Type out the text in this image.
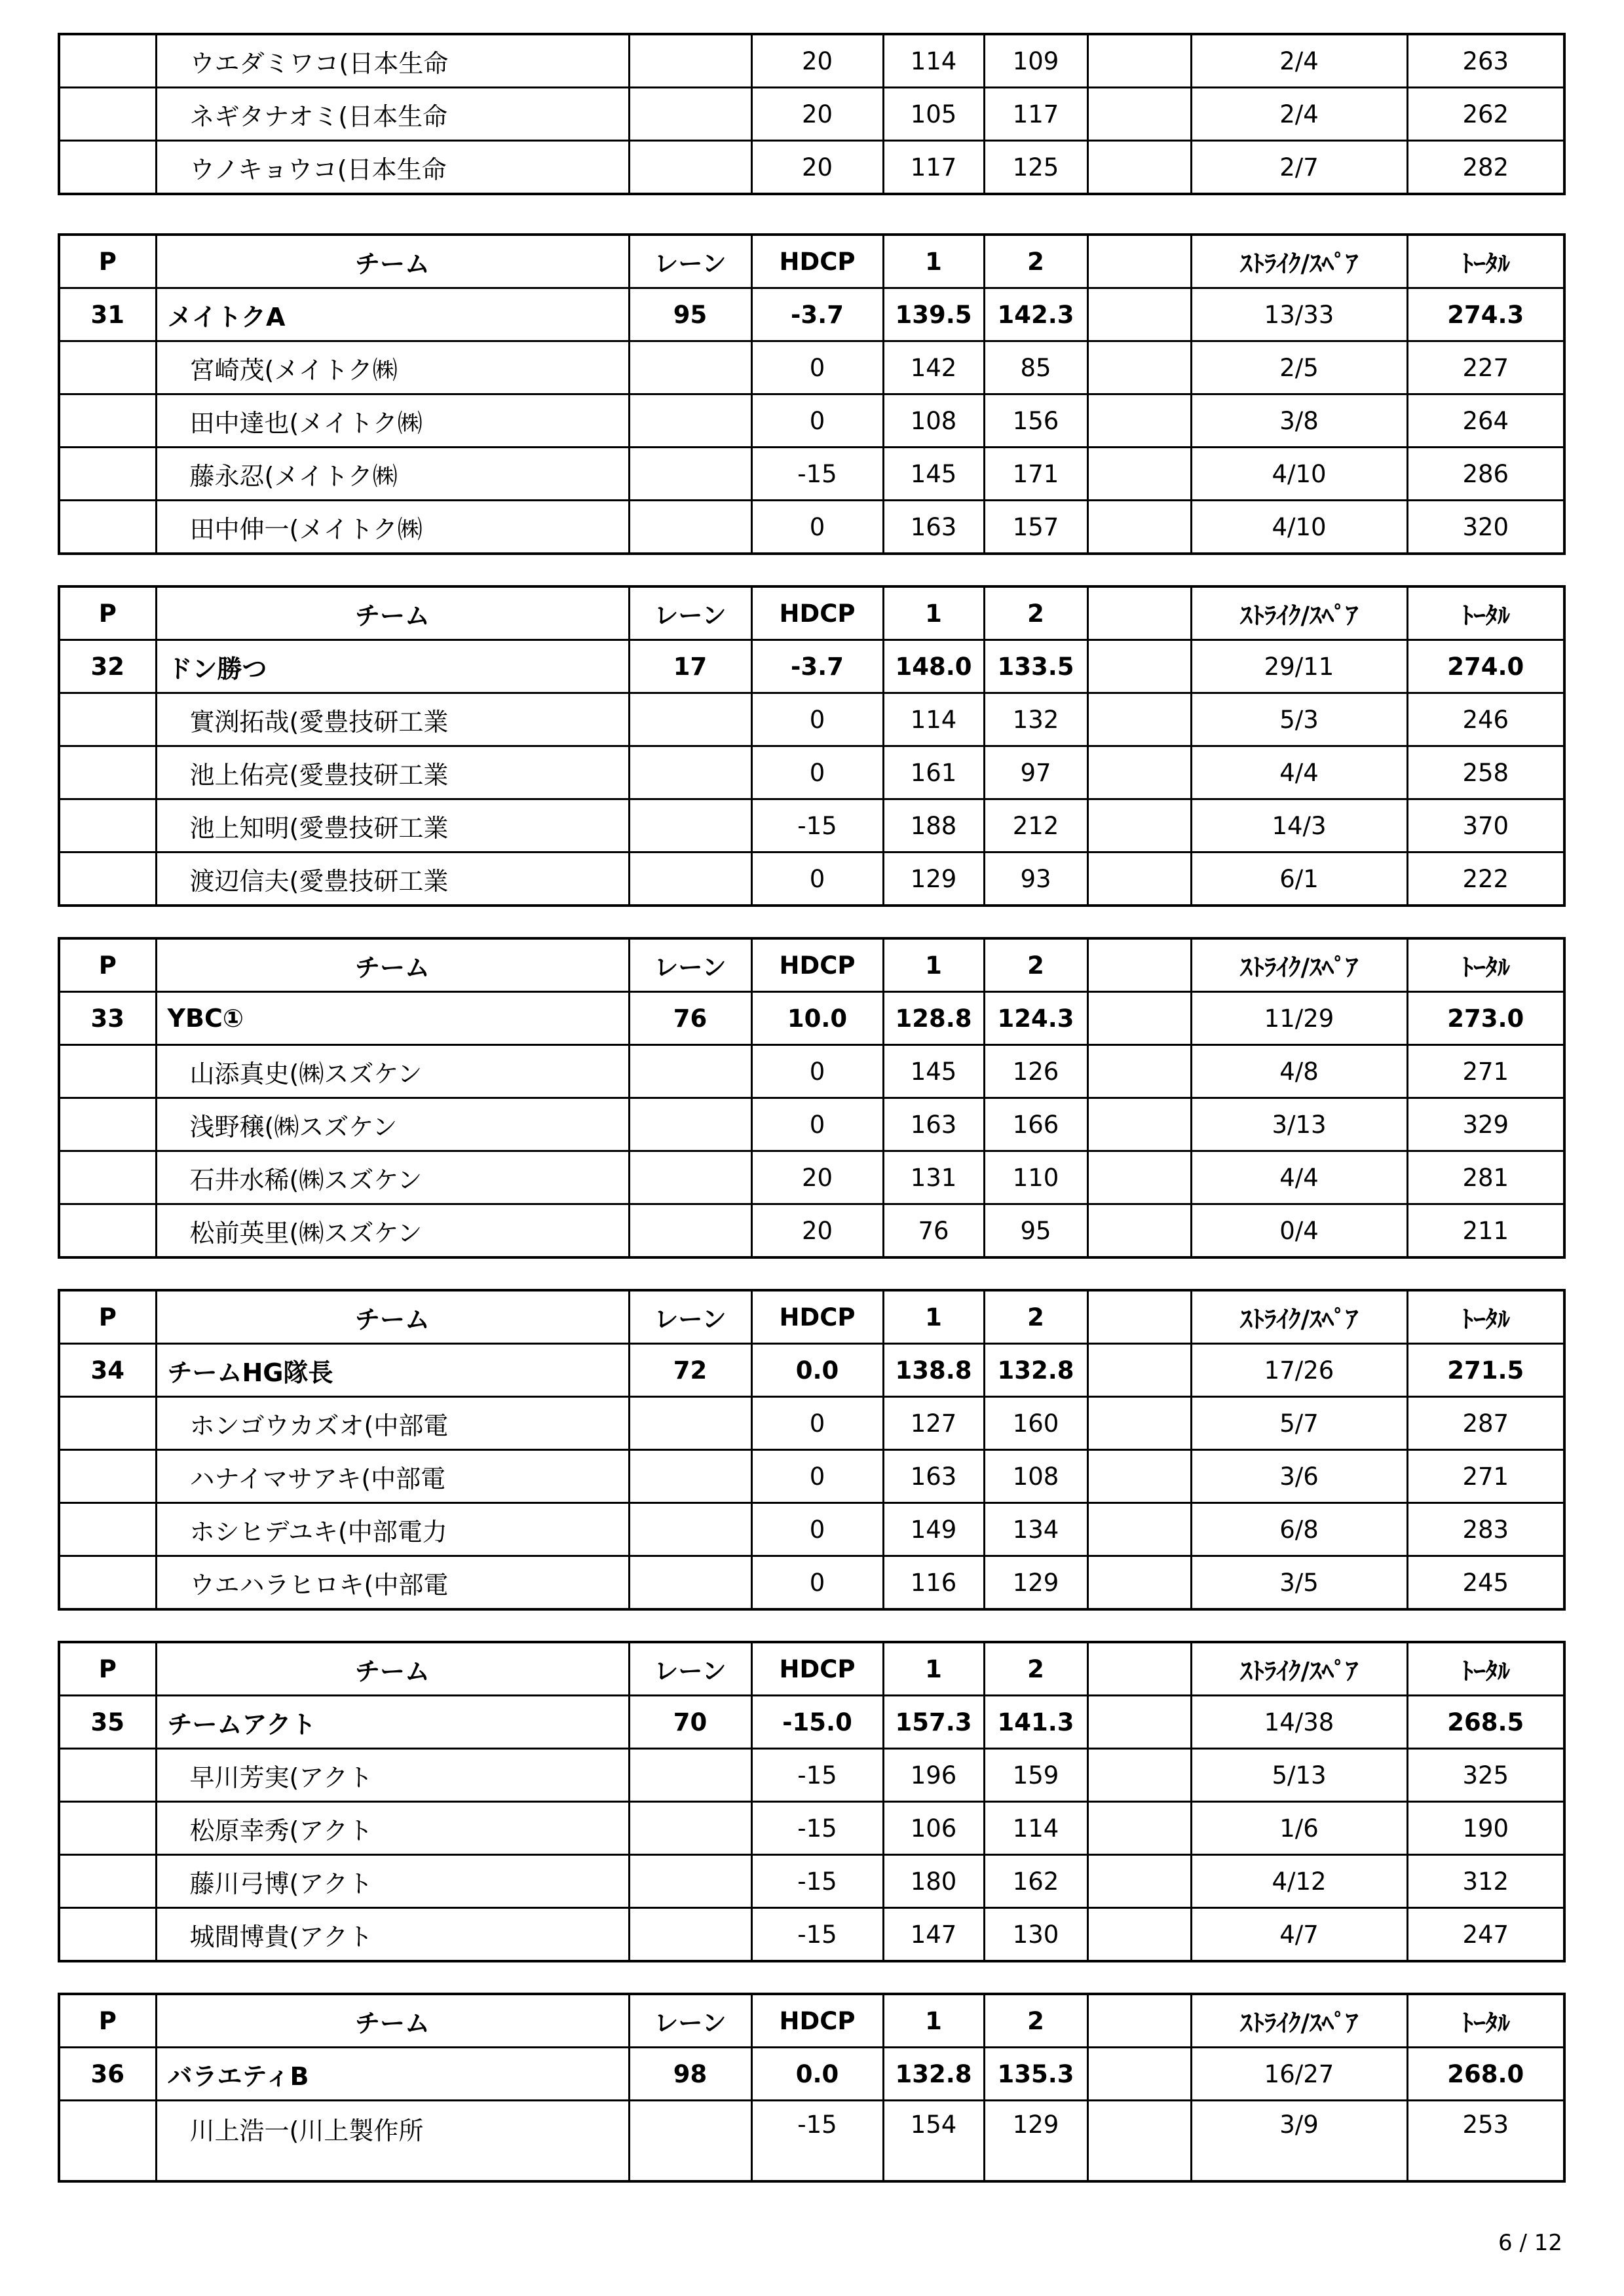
	ウエダミワコ(日本生命		20	114	109		2/4	263
	ネギタナオミ(日本生命		20	105	117		2/4	262
	ウノキョウコ(日本生命		20	117	125		2/7	282
P	チーム	レーン	HDCP	1	2		ｽﾄﾗｲｸ/ｽﾍﾟｱ	ﾄｰﾀﾙ
31	メイトクA	95	-3.7	139.5	142.3		13/33	274.3
	宮崎茂(メイトク㈱		0	142	85		2/5	227
	田中達也(メイトク㈱		0	108	156		3/8	264
	藤永忍(メイトク㈱		-15	145	171		4/10	286
	田中伸一(メイトク㈱		0	163	157		4/10	320
P	チーム	レーン	HDCP	1	2		ｽﾄﾗｲｸ/ｽﾍﾟｱ	ﾄｰﾀﾙ
32	ドン勝つ	17	-3.7	148.0	133.5		29/11	274.0
	實渕拓哉(愛豊技研工業		0	114	132		5/3	246
	池上佑亮(愛豊技研工業		0	161	97		4/4	258
	池上知明(愛豊技研工業		-15	188	212		14/3	370
	渡辺信夫(愛豊技研工業		0	129	93		6/1	222
P	チーム	レーン	HDCP	1	2		ｽﾄﾗｲｸ/ｽﾍﾟｱ	ﾄｰﾀﾙ
33	YBC①	76	10.0	128.8	124.3		11/29	273.0
	山添真史(㈱スズケン		0	145	126		4/8	271
	浅野穣(㈱スズケン		0	163	166		3/13	329
	石井水稀(㈱スズケン		20	131	110		4/4	281
	松前英里(㈱スズケン		20	76	95		0/4	211
P	チーム	レーン	HDCP	1	2		ｽﾄﾗｲｸ/ｽﾍﾟｱ	ﾄｰﾀﾙ
34	チームHG隊長	72	0.0	138.8	132.8		17/26	271.5
	ホンゴウカズオ(中部電		0	127	160		5/7	287
	ハナイマサアキ(中部電		0	163	108		3/6	271
	ホシヒデユキ(中部電力		0	149	134		6/8	283
	ウエハラヒロキ(中部電		0	116	129		3/5	245
P	チーム	レーン	HDCP	1	2		ｽﾄﾗｲｸ/ｽﾍﾟｱ	ﾄｰﾀﾙ
35	チームアクト	70	-15.0	157.3	141.3		14/38	268.5
	早川芳実(アクト		-15	196	159		5/13	325
	松原幸秀(アクト		-15	106	114		1/6	190
	藤川弓博(アクト		-15	180	162		4/12	312
	城間博貴(アクト		-15	147	130		4/7	247
P	チーム	レーン	HDCP	1	2		ｽﾄﾗｲｸ/ｽﾍﾟｱ	ﾄｰﾀﾙ
36	バラエティB	98	0.0	132.8	135.3		16/27	268.0
	川上浩一(川上製作所		-15	154	129		3/9	253
6 / 12
